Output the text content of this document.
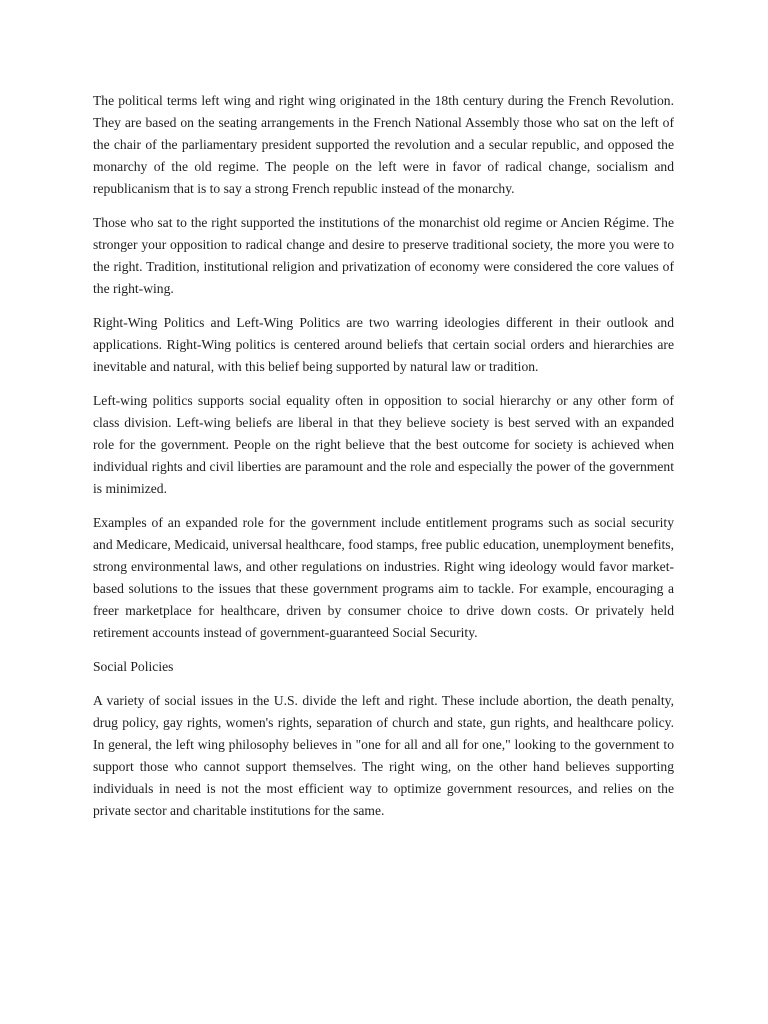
The political terms left wing and right wing originated in the 18th century during the French Revolution. They are based on the seating arrangements in the French National Assembly those who sat on the left of the chair of the parliamentary president supported the revolution and a secular republic, and opposed the monarchy of the old regime. The people on the left were in favor of radical change, socialism and republicanism that is to say a strong French republic instead of the monarchy.

Those who sat to the right supported the institutions of the monarchist old regime or Ancien Régime. The stronger your opposition to radical change and desire to preserve traditional society, the more you were to the right. Tradition, institutional religion and privatization of economy were considered the core values of the right-wing.

Right-Wing Politics and Left-Wing Politics are two warring ideologies different in their outlook and applications. Right-Wing politics is centered around beliefs that certain social orders and hierarchies are inevitable and natural, with this belief being supported by natural law or tradition.

Left-wing politics supports social equality often in opposition to social hierarchy or any other form of class division. Left-wing beliefs are liberal in that they believe society is best served with an expanded role for the government. People on the right believe that the best outcome for society is achieved when individual rights and civil liberties are paramount and the role and especially the power of the government is minimized.

Examples of an expanded role for the government include entitlement programs such as social security and Medicare, Medicaid, universal healthcare, food stamps, free public education, unemployment benefits, strong environmental laws, and other regulations on industries. Right wing ideology would favor market-based solutions to the issues that these government programs aim to tackle. For example, encouraging a freer marketplace for healthcare, driven by consumer choice to drive down costs. Or privately held retirement accounts instead of government-guaranteed Social Security.

Social Policies

A variety of social issues in the U.S. divide the left and right. These include abortion, the death penalty, drug policy, gay rights, women's rights, separation of church and state, gun rights, and healthcare policy. In general, the left wing philosophy believes in "one for all and all for one," looking to the government to support those who cannot support themselves. The right wing, on the other hand believes supporting individuals in need is not the most efficient way to optimize government resources, and relies on the private sector and charitable institutions for the same.
